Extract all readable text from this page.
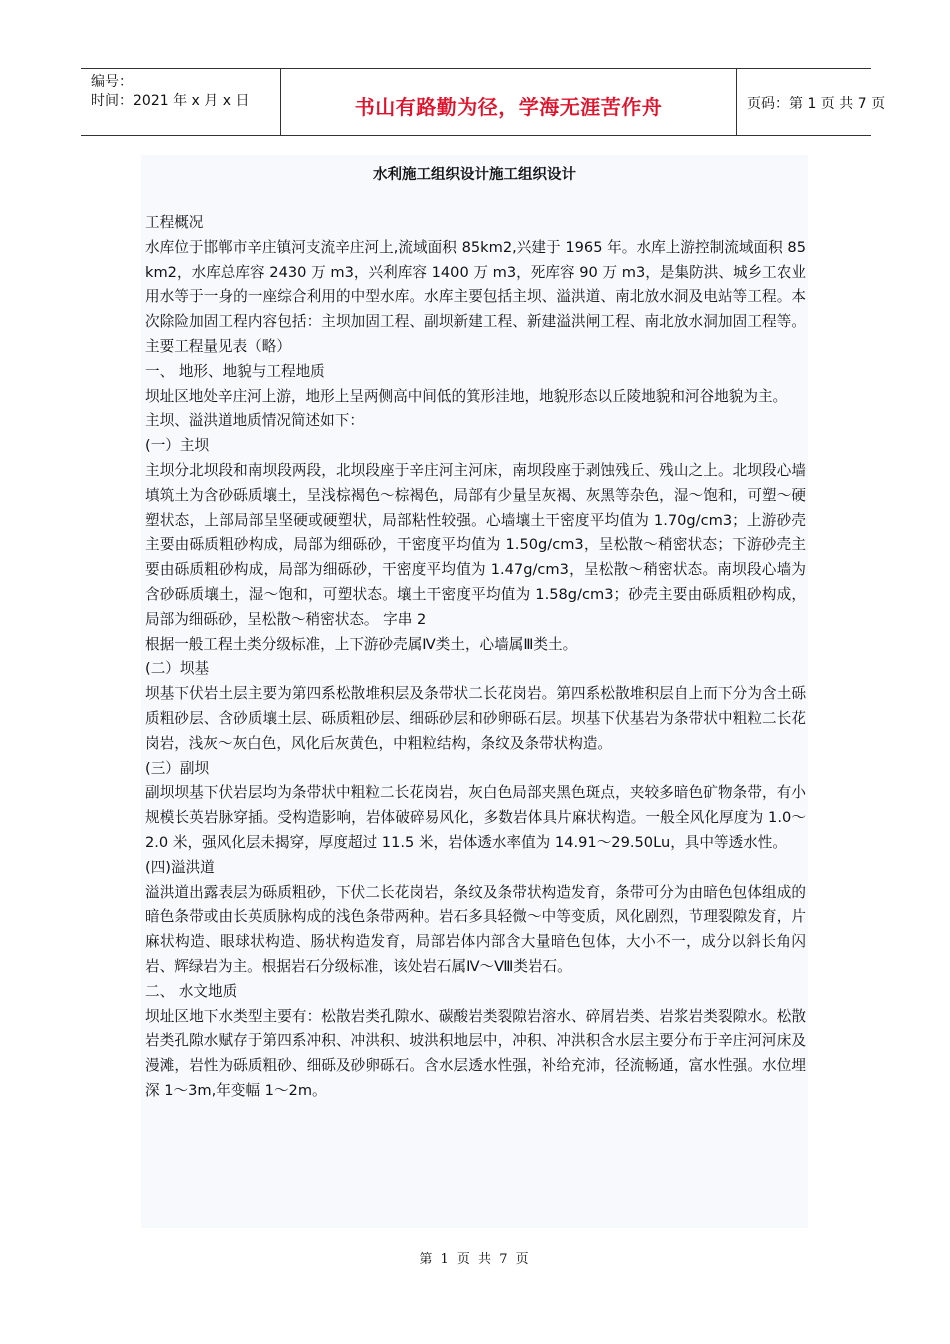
编号：
时间：2021 年 x 月 x 日	书山有路勤为径，学海无涯苦作舟	页码：第 1 页 共 7 页
水利施工组织设计施工组织设计

工程概况

水库位于邯郸市辛庄镇河支流辛庄河上,流域面积 85km2,兴建于 1965 年。水库上游控制流域面积 85km2，水库总库容 2430 万 m3，兴利库容 1400 万 m3，死库容 90 万 m3，是集防洪、城乡工农业用水等于一身的一座综合利用的中型水库。水库主要包括主坝、溢洪道、南北放水洞及电站等工程。本次除险加固工程内容包括：主坝加固工程、副坝新建工程、新建溢洪闸工程、南北放水洞加固工程等。主要工程量见表（略）

一、 地形、地貌与工程地质

坝址区地处辛庄河上游，地形上呈两侧高中间低的箕形洼地，地貌形态以丘陵地貌和河谷地貌为主。

主坝、溢洪道地质情况简述如下：

(一）主坝

主坝分北坝段和南坝段两段，北坝段座于辛庄河主河床，南坝段座于剥蚀残丘、残山之上。北坝段心墙填筑土为含砂砾质壤土，呈浅棕褐色～棕褐色，局部有少量呈灰褐、灰黑等杂色，湿～饱和，可塑～硬塑状态，上部局部呈坚硬或硬塑状，局部粘性较强。心墙壤土干密度平均值为 1.70g/cm3；上游砂壳主要由砾质粗砂构成，局部为细砾砂，干密度平均值为 1.50g/cm3，呈松散～稍密状态；下游砂壳主要由砾质粗砂构成，局部为细砾砂，干密度平均值为 1.47g/cm3，呈松散～稍密状态。南坝段心墙为含砂砾质壤土，湿～饱和，可塑状态。壤土干密度平均值为 1.58g/cm3；砂壳主要由砾质粗砂构成，局部为细砾砂，呈松散～稍密状态。 字串 2

根据一般工程土类分级标准，上下游砂壳属Ⅳ类土，心墙属Ⅲ类土。

(二）坝基

坝基下伏岩土层主要为第四系松散堆积层及条带状二长花岗岩。第四系松散堆积层自上而下分为含土砾质粗砂层、含砂质壤土层、砾质粗砂层、细砾砂层和砂卵砾石层。坝基下伏基岩为条带状中粗粒二长花岗岩，浅灰～灰白色，风化后灰黄色，中粗粒结构，条纹及条带状构造。

(三）副坝

副坝坝基下伏岩层均为条带状中粗粒二长花岗岩，灰白色局部夹黑色斑点，夹较多暗色矿物条带，有小规模长英岩脉穿插。受构造影响，岩体破碎易风化，多数岩体具片麻状构造。一般全风化厚度为 1.0～2.0 米，强风化层未揭穿，厚度超过 11.5 米，岩体透水率值为 14.91～29.50Lu，具中等透水性。

(四)溢洪道

溢洪道出露表层为砾质粗砂，下伏二长花岗岩，条纹及条带状构造发育，条带可分为由暗色包体组成的暗色条带或由长英质脉构成的浅色条带两种。岩石多具轻微～中等变质，风化剧烈，节理裂隙发育，片麻状构造、眼球状构造、肠状构造发育，局部岩体内部含大量暗色包体，大小不一，成分以斜长角闪岩、辉绿岩为主。根据岩石分级标准，该处岩石属Ⅳ～Ⅷ类岩石。

二、 水文地质

坝址区地下水类型主要有：松散岩类孔隙水、碳酸岩类裂隙岩溶水、碎屑岩类、岩浆岩类裂隙水。松散岩类孔隙水赋存于第四系冲积、冲洪积、坡洪积地层中，冲积、冲洪积含水层主要分布于辛庄河河床及漫滩，岩性为砾质粗砂、细砾及砂卵砾石。含水层透水性强，补给充沛，径流畅通，富水性强。水位埋深 1～3m,年变幅 1～2m。

第 1 页 共 7 页
